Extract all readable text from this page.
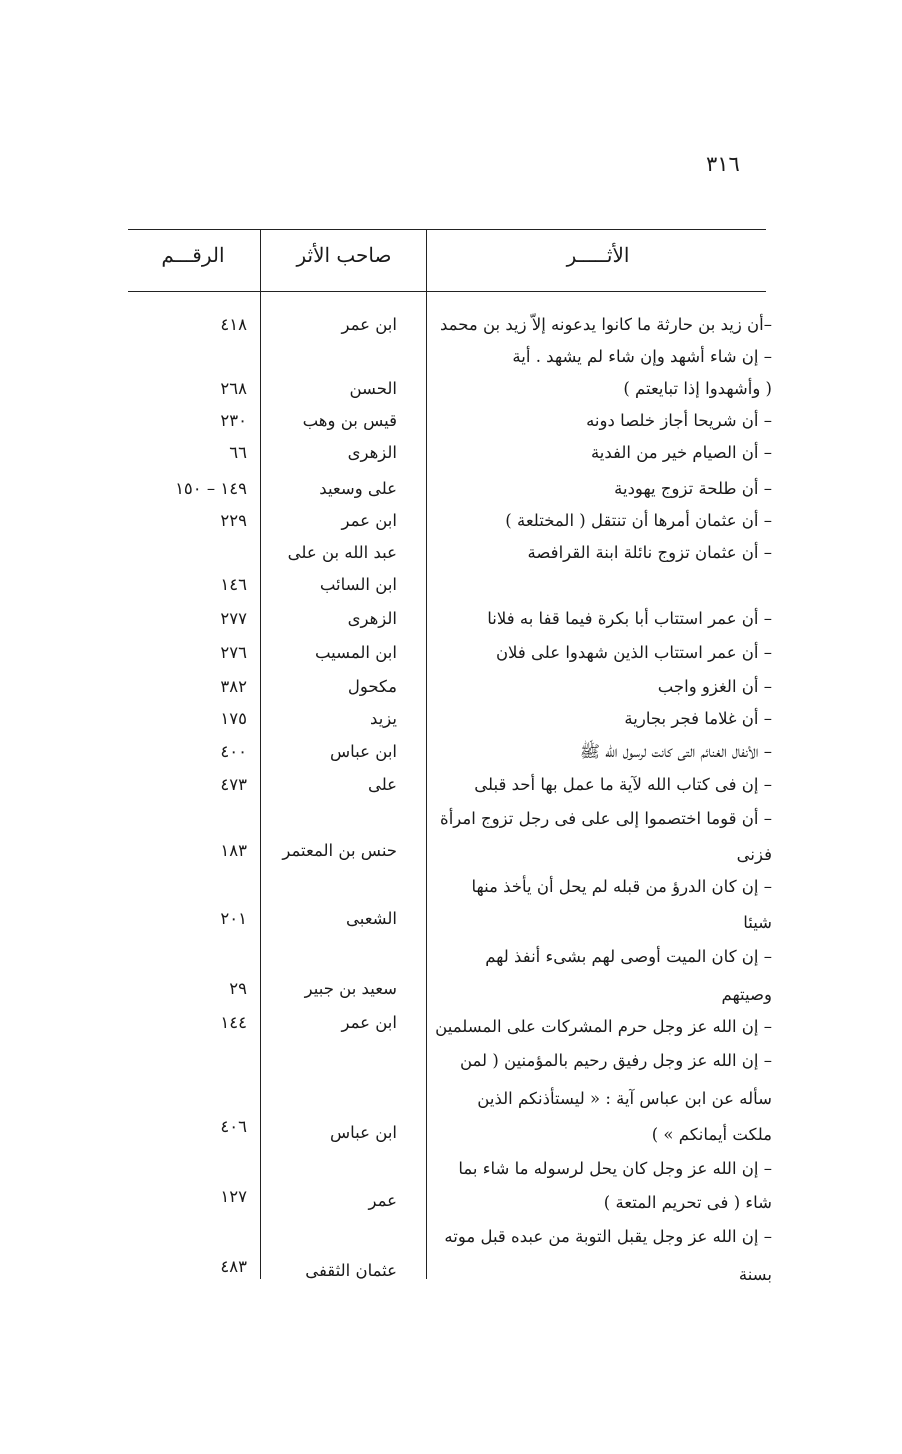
٣١٦
الأثـــــر
صاحب الأثر
الرقـــم
–أن زيد بن حارثة ما كانوا يدعونه إلاّ زيد بن محمد
ابن عمر
٤١٨
– إن شاء أشهد وإن شاء لم يشهد . أية
( وأشهدوا إذا تبايعتم )
الحسن
٢٦٨
– أن شريحا أجاز خلصا دونه
قيس بن وهب
٢٣٠
– أن الصيام خير من الفدية
الزهرى
٦٦
– أن طلحة تزوج يهودية
على وسعيد
١٤٩ – ١٥٠
– أن عثمان أمرها أن تنتقل ( المختلعة )
ابن عمر
٢٢٩
– أن عثمان تزوج نائلة ابنة القرافصة
عبد الله بن على
ابن السائب
١٤٦
– أن عمر استتاب أبا بكرة فيما قفا به فلانا
الزهرى
٢٧٧
– أن عمر استتاب الذين شهدوا على فلان
ابن المسيب
٢٧٦
– أن الغزو واجب
مكحول
٣٨٢
– أن غلاما فجر بجارية
يزيد
١٧٥
– الأنفال الغنائم التى كانت لرسول الله ﷺ
ابن عباس
٤٠٠
– إن فى كتاب الله لآية ما عمل بها أحد قبلى
على
٤٧٣
– أن قوما اختصموا إلى على فى رجل تزوج امرأة
فزنى
حنس بن المعتمر
١٨٣
– إن كان الدرؤ من قبله لم يحل أن يأخذ منها
شيئا
الشعبى
٢٠١
– إن كان الميت أوصى لهم بشىء أنفذ لهم
وصيتهم
سعيد بن جبير
٢٩
– إن الله عز وجل حرم المشركات على المسلمين
ابن عمر
١٤٤
– إن الله عز وجل رفيق رحيم بالمؤمنين ( لمن
سأله عن ابن عباس آية : « ليستأذنكم الذين
ملكت أيمانكم » )
ابن عباس
٤٠٦
– إن الله عز وجل كان يحل لرسوله ما شاء بما
شاء ( فى تحريم المتعة )
عمر
١٢٧
– إن الله عز وجل يقبل التوبة من عبده قبل موته
بسنة
عثمان الثقفى
٤٨٣
